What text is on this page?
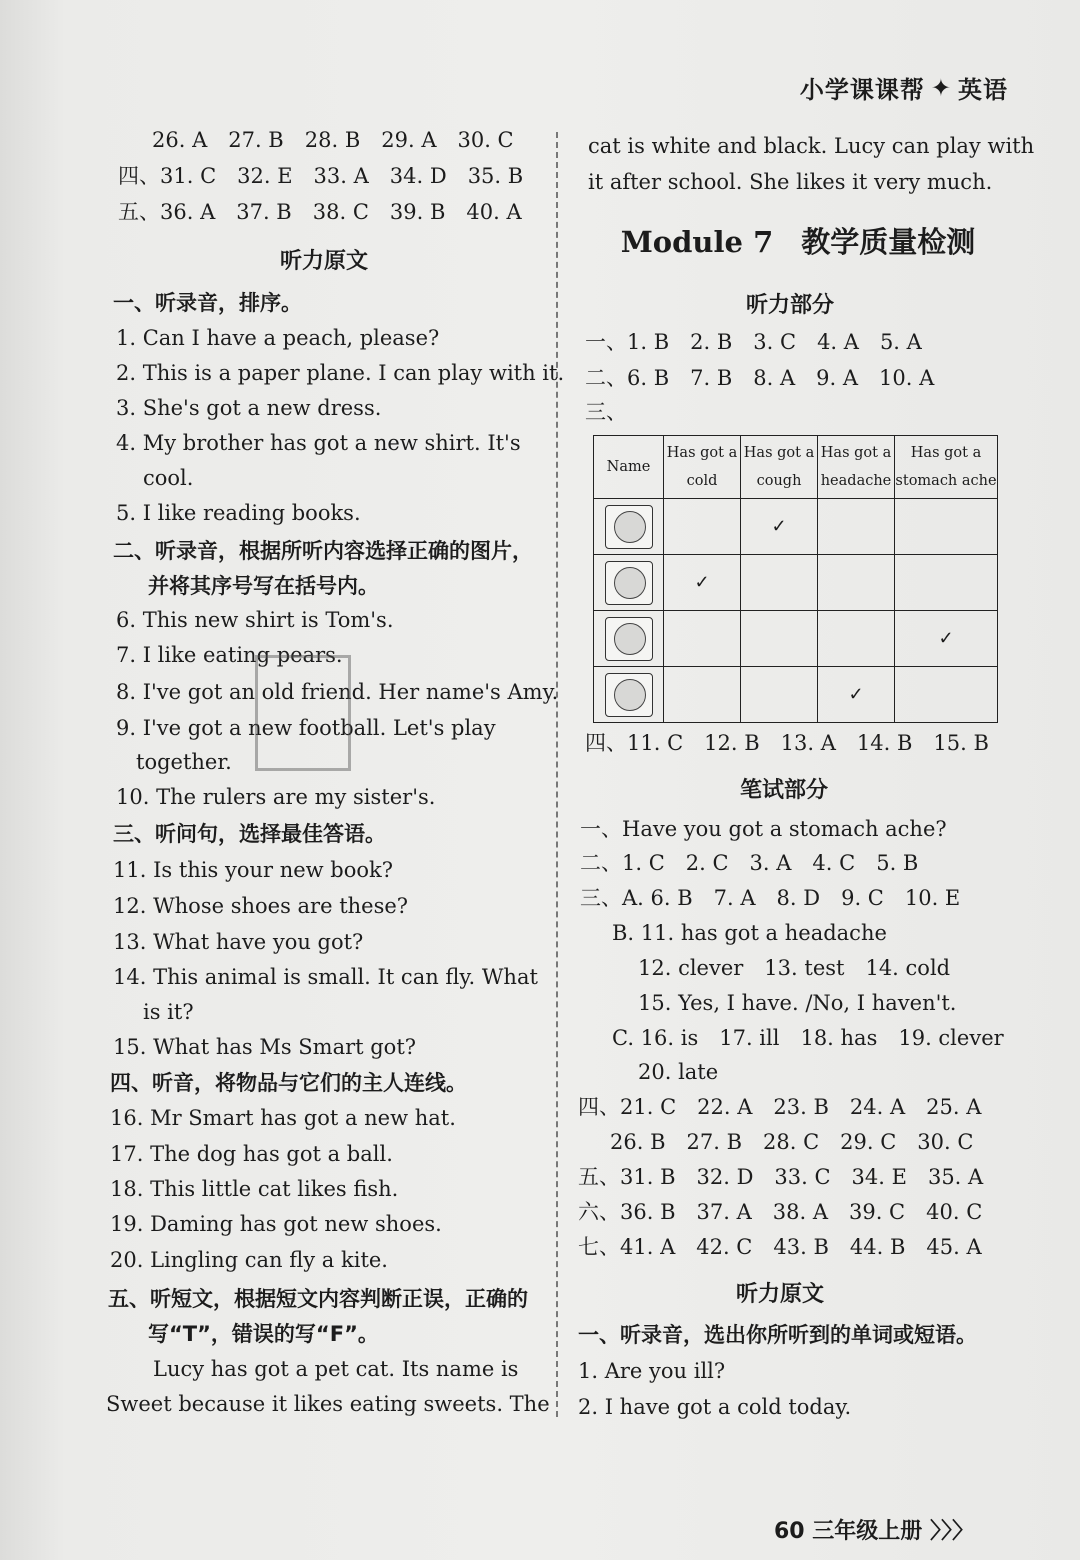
小学课课帮 ✦ 英语
26. A　27. B　28. B　29. A　30. C
四、31. C　32. E　33. A　34. D　35. B
五、36. A　37. B　38. C　39. B　40. A
听力原文
一、听录音，排序。
1. Can I have a peach, please?
2. This is a paper plane. I can play with it.
3. She's got a new dress.
4. My brother has got a new shirt. It's
cool.
5. I like reading books.
二、听录音，根据所听内容选择正确的图片，
并将其序号写在括号内。
6. This new shirt is Tom's.
7. I like eating pears.
8. I've got an old friend. Her name's Amy.
9. I've got a new football. Let's play
together.
10. The rulers are my sister's.
三、听问句，选择最佳答语。
11. Is this your new book?
12. Whose shoes are these?
13. What have you got?
14. This animal is small. It can fly. What
is it?
15. What has Ms Smart got?
四、听音，将物品与它们的主人连线。
16. Mr Smart has got a new hat.
17. The dog has got a ball.
18. This little cat likes fish.
19. Daming has got new shoes.
20. Lingling can fly a kite.
五、听短文，根据短文内容判断正误，正确的
写“T”，错误的写“F”。
Lucy has got a pet cat. Its name is
Sweet because it likes eating sweets. The
cat is white and black. Lucy can play with
it after school. She likes it very much.
Module 7 教学质量检测
听力部分
一、1. B　2. B　3. C　4. A　5. A
二、6. B　7. B　8. A　9. A　10. A
三、
Name	Has got a cold	Has got a cough	Has got a headache	Has got a stomach ache

		✓		

	✓			

				✓

			✓	
四、11. C　12. B　13. A　14. B　15. B
笔试部分
一、Have you got a stomach ache?
二、1. C　2. C　3. A　4. C　5. B
三、A. 6. B　7. A　8. D　9. C　10. E
B. 11. has got a headache
12. clever　13. test　14. cold
15. Yes, I have. /No, I haven't.
C. 16. is　17. ill　18. has　19. clever
20. late
四、21. C　22. A　23. B　24. A　25. A
26. B　27. B　28. C　29. C　30. C
五、31. B　32. D　33. C　34. E　35. A
六、36. B　37. A　38. A　39. C　40. C
七、41. A　42. C　43. B　44. B　45. A
听力原文
一、听录音，选出你所听到的单词或短语。
1. Are you ill?
2. I have got a cold today.
60 三年级上册 〉〉〉
